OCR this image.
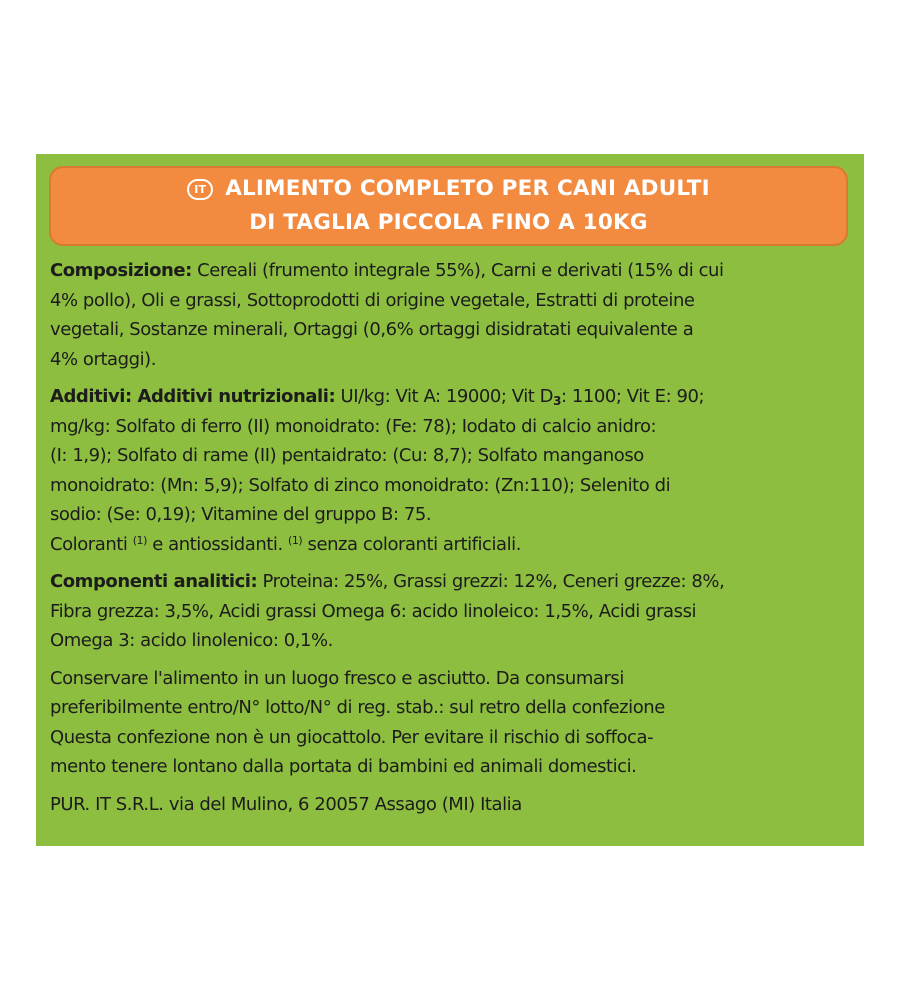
IT ALIMENTO COMPLETO PER CANI ADULTI
DI TAGLIA PICCOLA FINO A 10KG
Composizione: Cereali (frumento integrale 55%), Carni e derivati (15% di cui
4% pollo), Oli e grassi, Sottoprodotti di origine vegetale, Estratti di proteine
vegetali, Sostanze minerali, Ortaggi (0,6% ortaggi disidratati equivalente a
4% ortaggi).
Additivi: Additivi nutrizionali: UI/kg: Vit A: 19000; Vit $D_3$: 1100; Vit E: 90;
mg/kg: Solfato di ferro (II) monoidrato: (Fe: 78); Iodato di calcio anidro:
(I: 1,9); Solfato di rame (II) pentaidrato: (Cu: 8,7); Solfato manganoso
monoidrato: (Mn: 5,9); Solfato di zinco monoidrato: (Zn:110); Selenito di
sodio: (Se: 0,19); Vitamine del gruppo B: 75.
Coloranti $^{(1)}$ e antiossidanti. $^{(1)}$ senza coloranti artificiali.
Componenti analitici: Proteina: 25%, Grassi grezzi: 12%, Ceneri grezze: 8%,
Fibra grezza: 3,5%, Acidi grassi Omega 6: acido linoleico: 1,5%, Acidi grassi
Omega 3: acido linolenico: 0,1%.
Conservare l'alimento in un luogo fresco e asciutto. Da consumarsi
preferibilmente entro/N° lotto/N° di reg. stab.: sul retro della confezione
Questa confezione non è un giocattolo. Per evitare il rischio di soffoca-
mento tenere lontano dalla portata di bambini ed animali domestici.
PUR. IT S.R.L. via del Mulino, 6 20057 Assago (MI) Italia
